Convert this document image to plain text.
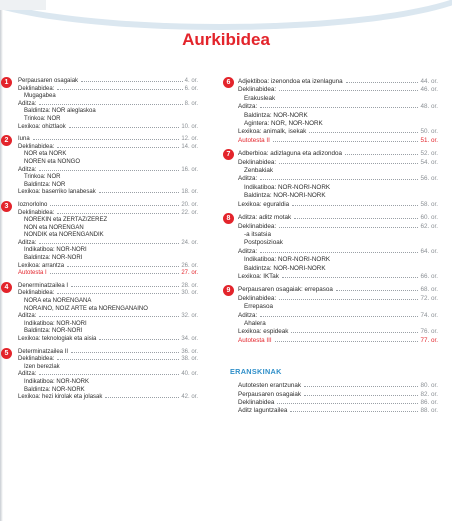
Aurkibidea
1	Perpausaren osagaiak	4. or.
Deklinabidea:	6. or.
Mugagabea
Aditza:	8. or.
Baldintza: NOR aleglaskoa
Trinkoa: NOR
Lexikoa: ohiztlaok	10. or.
2	Iuna	12. or.
Deklinabidea:	14. or.
NOR eta NORK
NOREN eta NONGO
Aditza:	16. or.
Trinkoa: NOR
Baldintza: NOR
Lexikoa: baserriko lanabesak	18. or.
3	Ioznorlolno	20. or.
Deklinabidea:	22. or.
NOREKIN eta ZERTAZ/ZEREZ
NON eta NORENGAN
NONDIK eta NORENGANDIK
Aditza:	24. or.
Indikatiboa: NOR-NORI
Baldintza: NOR-NORI
Lexikoa: arrantza	26. or.
Autotesta I	27. or.
4	Denerminatzailea I	28. or.
Deklinabidea:	30. or.
NORA eta NORENGANA
NORAINO, NOIZ ARTE eta NORENGANAINO
Aditza:	32. or.
Indikatiboa: NOR-NORI
Baldintza: NOR-NORI
Lexikoa: teknologiak eta aisia	34. or.
5	Determinatzailea II	36. or.
Deklinabidea:	38. or.
Izen berezlak
Aditza:	40. or.
Indikatiboa: NOR-NORK
Baldintza: NOR-NORK
Lexikoa: hezi kirolak eta jolasak	42. or.
6	Adjektiboa: izenondoa eta izenlaguna	44. or.
Deklinabidea:	46. or.
Erakusleak
Aditza:	48. or.
Baldintza: NOR-NORK
Agintera: NOR, NOR-NORK
Lexikoa: animalk, isekak	50. or.
Autotesta II	51. or.
7	Adberbioa: adizlaguna eta adizondoa	52. or.
Deklinabidea:	54. or.
Zenbakiak
Aditza:	56. or.
Indikatiboa: NOR-NORI-NORK
Baldintza: NOR-NORI-NORK
Lexikoa: eguraldia	58. or.
8	Aditza: aditz motak	60. or.
Deklinabidea:	62. or.
-a itsatsia
Postposizioak
Aditza:	64. or.
Indikatiboa: NOR-NORI-NORK
Baldintza: NOR-NORI-NORK
Lexikoa: IKTak	66. or.
9	Perpausaren osagaiak: errepasoa	68. or.
Deklinabidea:	72. or.
Errepasoa
Aditza:	74. or.
Ahalera
Lexikoa: espideak	76. or.
Autotesta III	77. or.
ERANSKINAK
Autotesten erantzunak	80. or.
Perpausaren osagaiak	82. or.
Deklinabidea	86. or.
Aditz laguntzailea	88. or.
